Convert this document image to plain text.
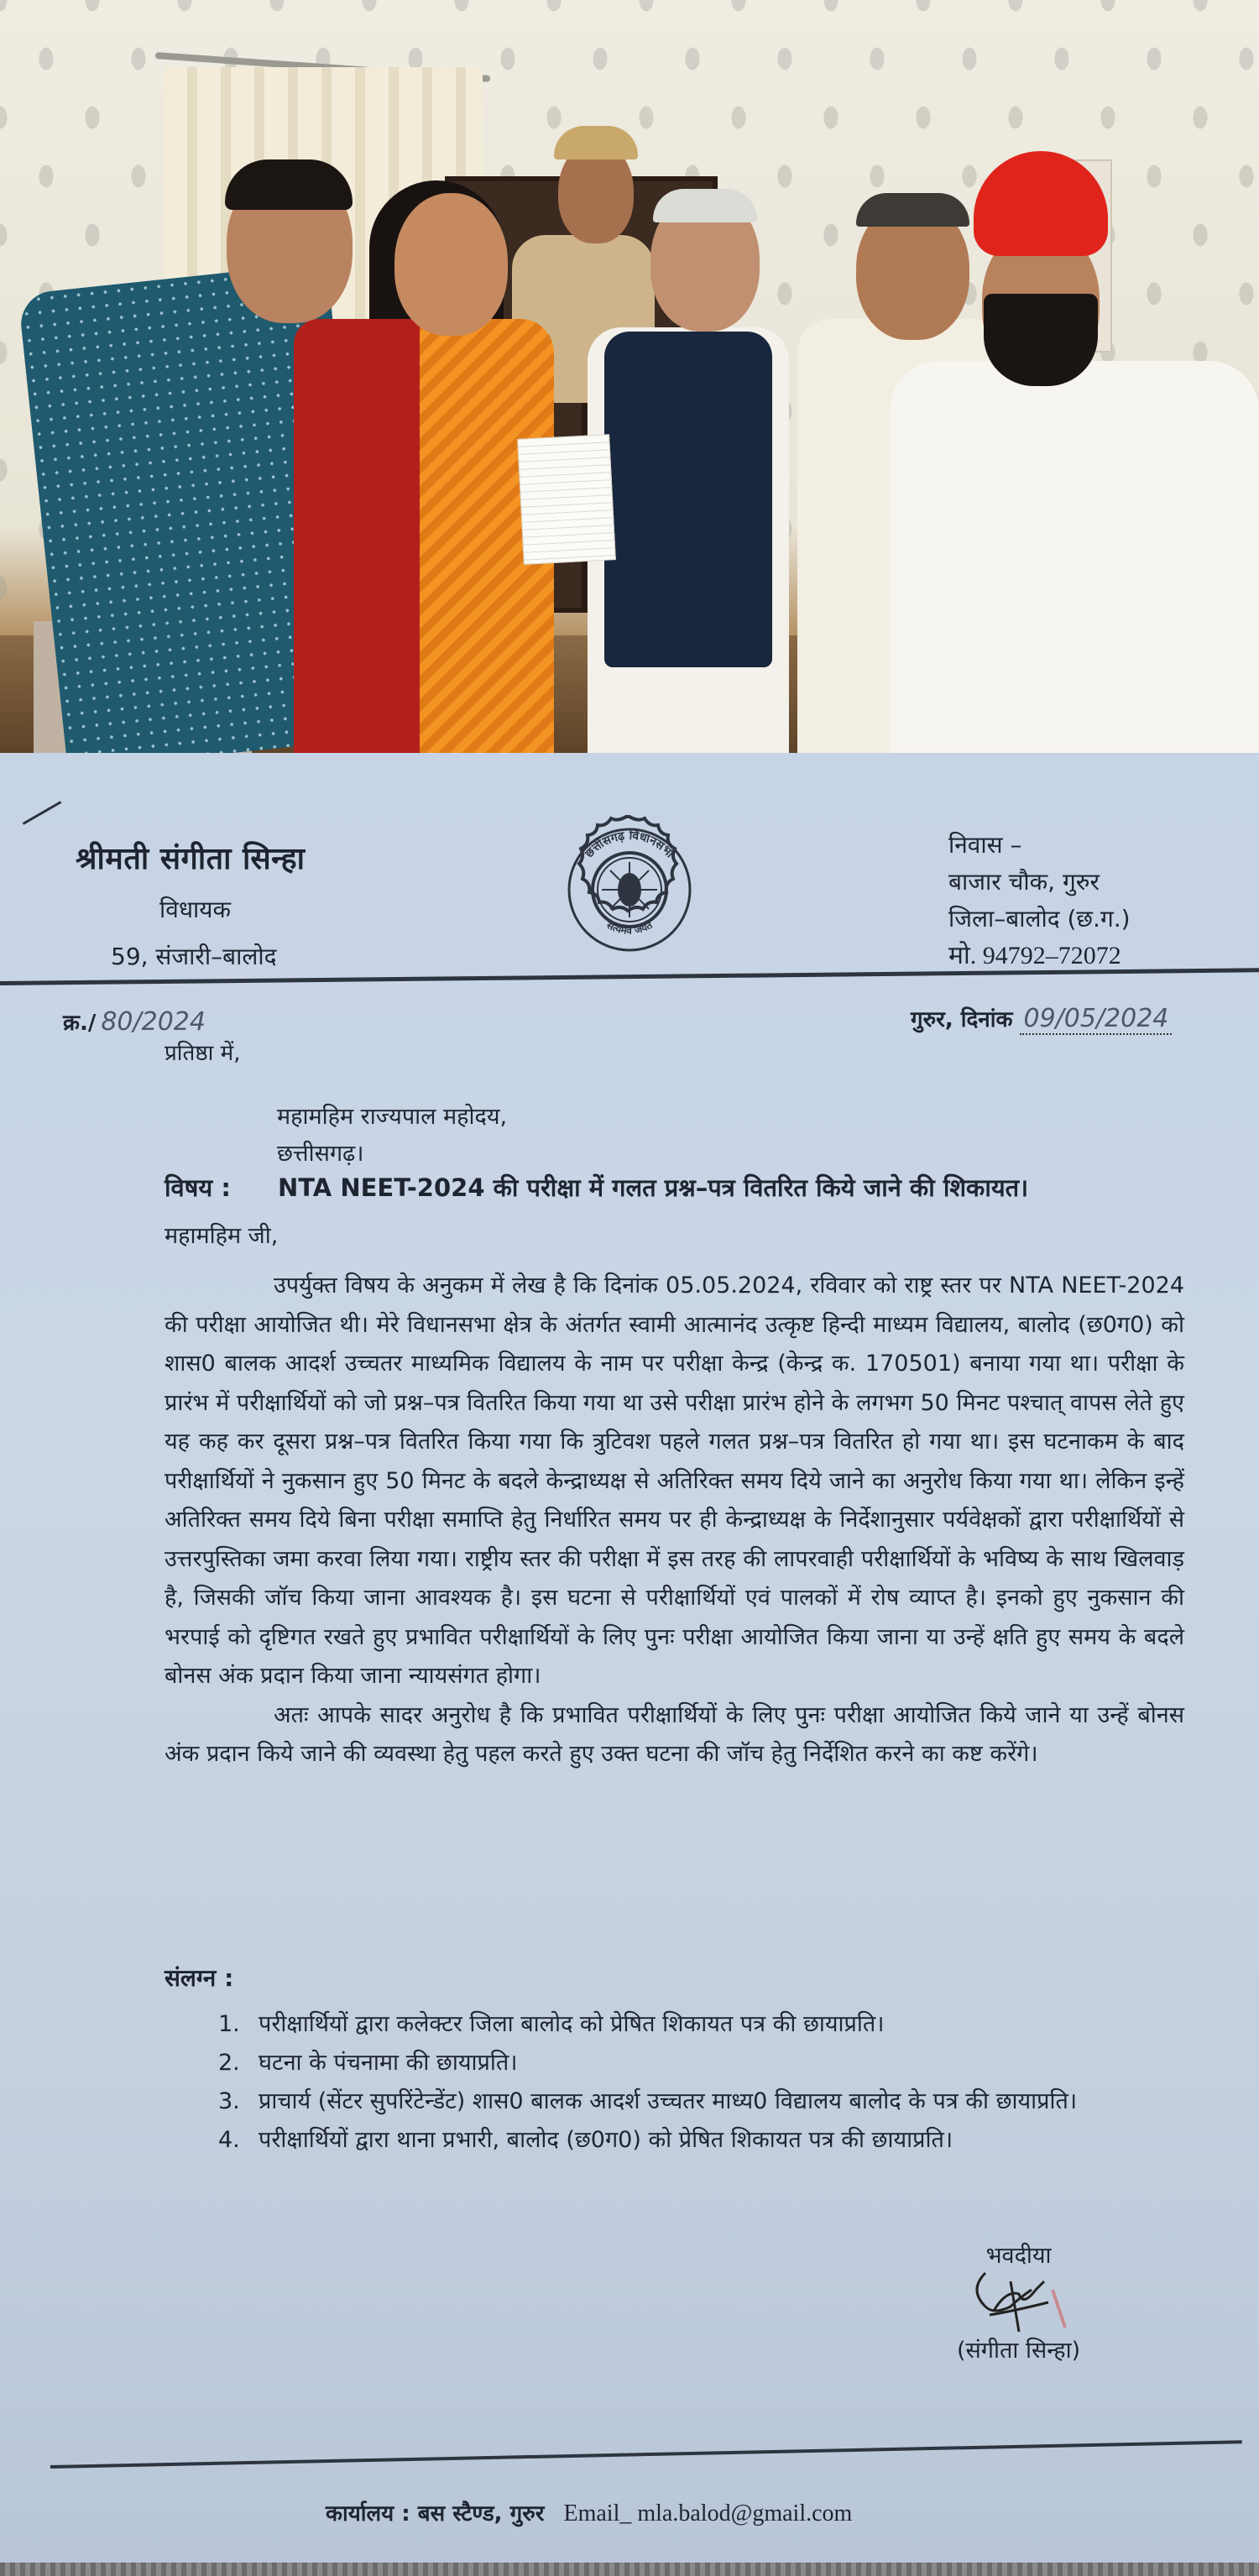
श्रीमती संगीता सिन्हा
विधायक
59, संजारी–बालोद
छत्तीसगढ़ विधानसभा
सत्यमेव जयते
निवास –
बाजार चौक, गुरुर
जिला–बालोद (छ.ग.)
मो. 94792–72072
क्र./ 80/2024	गुरुर, दिनांक 09/05/2024
प्रतिष्ठा में,
महामहिम राज्यपाल महोदय,
छत्तीसगढ़।
विषय : NTA NEET-2024 की परीक्षा में गलत प्रश्न–पत्र वितरित किये जाने की शिकायत।
महामहिम जी,

उपर्युक्त विषय के अनुकम में लेख है कि दिनांक 05.05.2024, रविवार को राष्ट्र स्तर पर NTA NEET-2024 की परीक्षा आयोजित थी। मेरे विधानसभा क्षेत्र के अंतर्गत स्वामी आत्मानंद उत्कृष्ट हिन्दी माध्यम विद्यालय, बालोद (छ0ग0) को शास0 बालक आदर्श उच्चतर माध्यमिक विद्यालय के नाम पर परीक्षा केन्द्र (केन्द्र क. 170501) बनाया गया था। परीक्षा के प्रारंभ में परीक्षार्थियों को जो प्रश्न–पत्र वितरित किया गया था उसे परीक्षा प्रारंभ होने के लगभग 50 मिनट पश्चात् वापस लेते हुए यह कह कर दूसरा प्रश्न–पत्र वितरित किया गया कि त्रुटिवश पहले गलत प्रश्न–पत्र वितरित हो गया था। इस घटनाकम के बाद परीक्षार्थियों ने नुकसान हुए 50 मिनट के बदले केन्द्राध्यक्ष से अतिरिक्त समय दिये जाने का अनुरोध किया गया था। लेकिन इन्हें अतिरिक्त समय दिये बिना परीक्षा समाप्ति हेतु निर्धारित समय पर ही केन्द्राध्यक्ष के निर्देशानुसार पर्यवेक्षकों द्वारा परीक्षार्थियों से उत्तरपुस्तिका जमा करवा लिया गया। राष्ट्रीय स्तर की परीक्षा में इस तरह की लापरवाही परीक्षार्थियों के भविष्य के साथ खिलवाड़ है, जिसकी जॉच किया जाना आवश्यक है। इस घटना से परीक्षार्थियों एवं पालकों में रोष व्याप्त है। इनको हुए नुकसान की भरपाई को दृष्टिगत रखते हुए प्रभावित परीक्षार्थियों के लिए पुनः परीक्षा आयोजित किया जाना या उन्हें क्षति हुए समय के बदले बोनस अंक प्रदान किया जाना न्यायसंगत होगा।

अतः आपके सादर अनुरोध है कि प्रभावित परीक्षार्थियों के लिए पुनः परीक्षा आयोजित किये जाने या उन्हें बोनस अंक प्रदान किये जाने की व्यवस्था हेतु पहल करते हुए उक्त घटना की जॉच हेतु निर्देशित करने का कष्ट करेंगे।

संलग्न :
1. परीक्षार्थियों द्वारा कलेक्टर जिला बालोद को प्रेषित शिकायत पत्र की छायाप्रति।
2. घटना के पंचनामा की छायाप्रति।
3. प्राचार्य (सेंटर सुपरिंटेन्डेंट) शास0 बालक आदर्श उच्चतर माध्य0 विद्यालय बालोद के पत्र की छायाप्रति।
4. परीक्षार्थियों द्वारा थाना प्रभारी, बालोद (छ0ग0) को प्रेषित शिकायत पत्र की छायाप्रति।
भवदीया
(संगीता सिन्हा)
कार्यालय : बस स्टैण्ड, गुरुर Email_ mla.balod@gmail.com
